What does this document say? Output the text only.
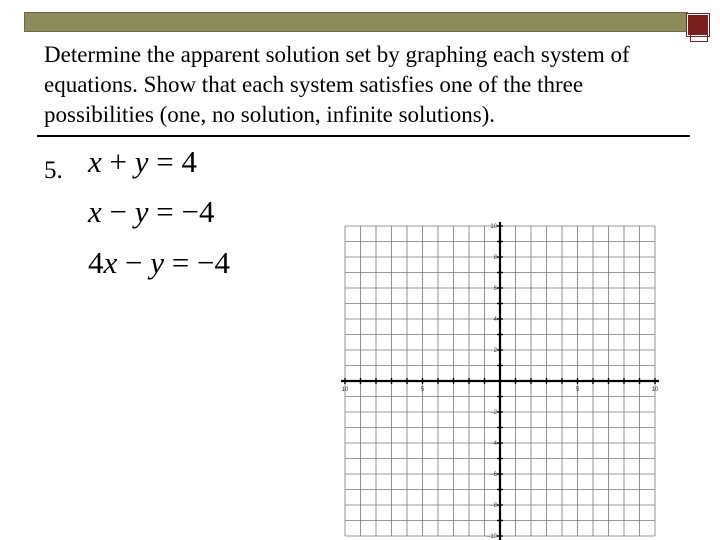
Determine the apparent solution set by graphing each system of equations. Show that each system satisfies one of the three possibilities (one, no solution, infinite solutions).
5. x + y = 4
x − y = −4
4x − y = −4
10	5	5	10
10
8
6
4
2
–2
–4
–6
–8
–10
